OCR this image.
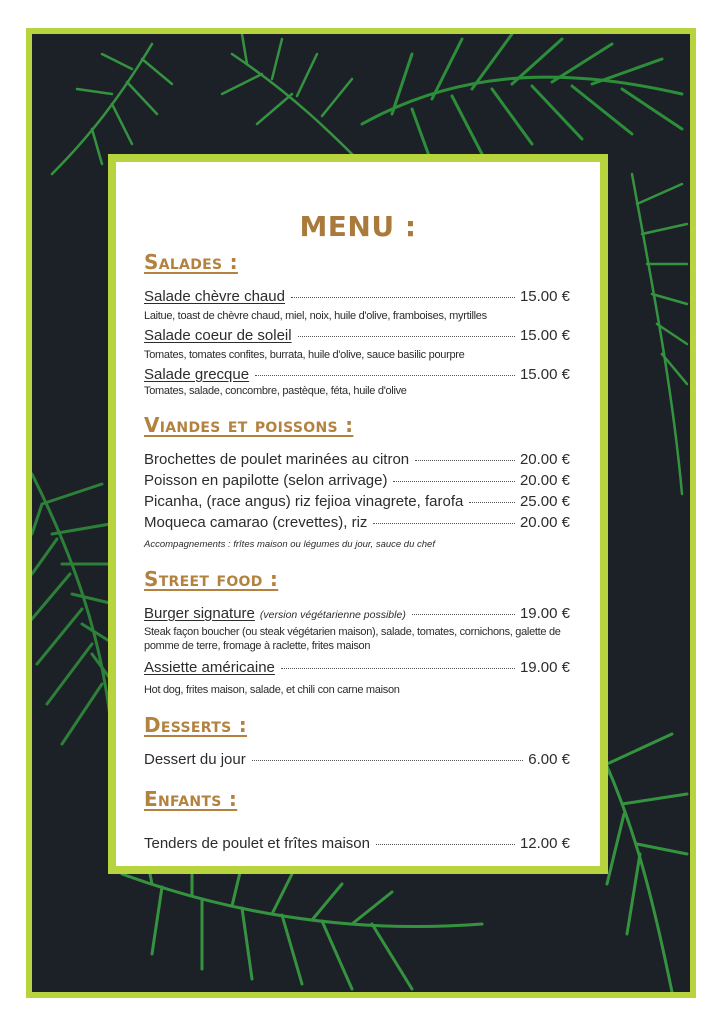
MENU :
Salades :
Salade chèvre chaud	15.00 €
Laitue, toast de chèvre chaud, miel, noix, huile d'olive, framboises, myrtilles
Salade coeur de soleil	15.00 €
Tomates, tomates confites, burrata, huile d'olive, sauce basilic pourpre
Salade grecque	15.00 €
Tomates, salade, concombre, pastèque, féta, huile d'olive
Viandes et poissons :
Brochettes de poulet marinées au citron	20.00 €
Poisson en papilotte (selon arrivage)	20.00 €
Picanha, (race angus) riz fejioa vinagrete, farofa	25.00 €
Moqueca camarao (crevettes), riz	20.00 €
Accompagnements : frîtes maison ou légumes du jour, sauce du chef
Street food :
Burger signature (version végétarienne possible)	19.00 €
Steak façon boucher (ou steak végétarien maison), salade, tomates, cornichons, galette de pomme de terre, fromage à raclette, frites maison
Assiette américaine	19.00 €
Hot dog, frites maison, salade, et chili con carne maison
Desserts :
Dessert du jour	6.00 €
Enfants :
Tenders de poulet et frîtes maison	12.00 €
